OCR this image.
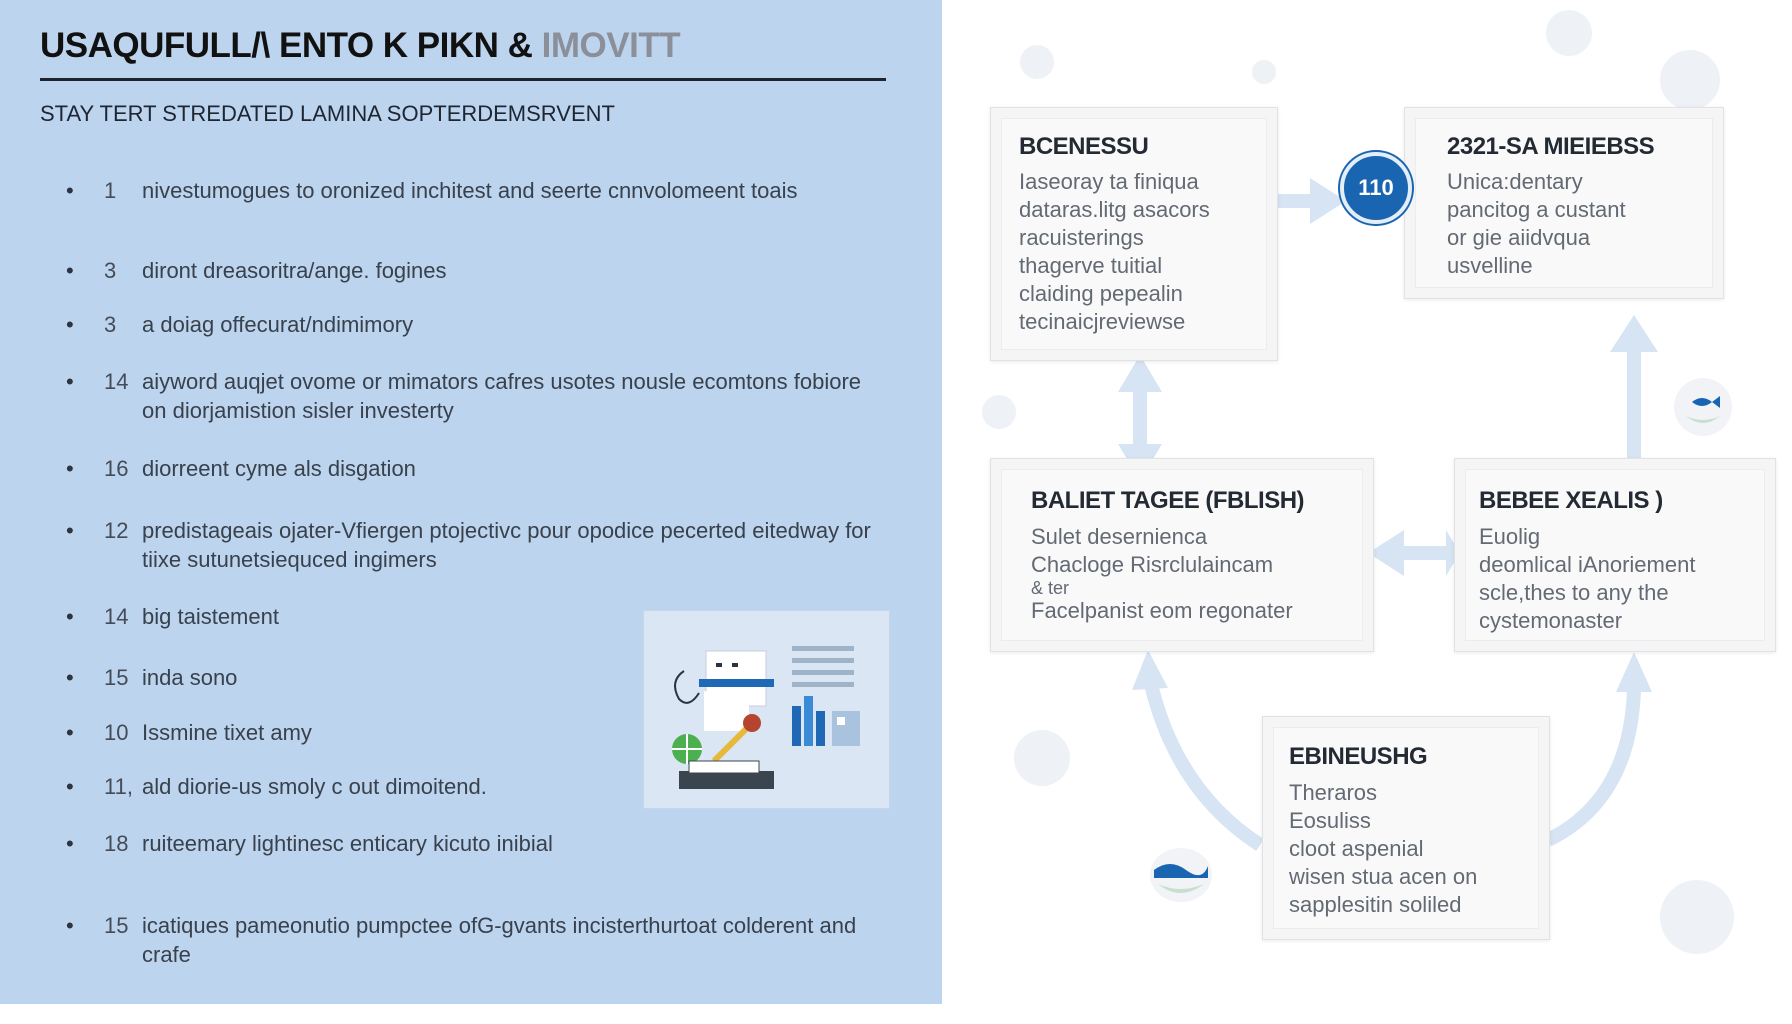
USAQUFULL/\ ENTO K PIKN & IMOVITT

STAY TERT STREDATED LAMINA SOPTERDEMSRVENT

• 1	nivestumogues to oronized inchitest and seerte cnnvolomeent toais
• 3	diront dreasoritra/ange. fogines
• 3	a doiag offecurat/ndimimory
• 14 aiyword auqjet ovome or mimators cafres usotes nousle ecomtons fobiore on diorjamistion sisler investerty
• 16 diorreent cyme als disgation
• 12 predistageais ojater-Vfiergen ptojectivc pour opodice pecerted eitedway for tiixe sutunetsiequced ingimers
• 14 big taistement
• 15 inda sono
• 10 Issmine tixet amy
• 11, ald diorie-us smoly c out dimoitend.
• 18 ruiteemary lightinesc enticary kicuto inibial
• 15 icatiques pameonutio pumpctee ofG-gvants incisterthurtoat colderent and crafe
BCENESSU
Iaseoray ta finiqua
dataras.litg asacors
racuisterings
thagerve tuitial
claiding pepealin
tecinaicjreviewse
2321-SA MIEIEBSS
Unica:dentary
pancitog a custant
or gie aiidvqua
usvelline
110
BALIET TAGEE (FBLISH)
Sulet desernienca
Chacloge Risrclulaincam
& ter
Facelpanist eom regonater
BEBEE XEALIS )
Euolig
deomlical iAnoriement
scle,thes to any the
cystemonaster
EBINEUSHG
Theraros
Eosuliss
cloot aspenial
wisen stua acen on
sapplesitin soliled
